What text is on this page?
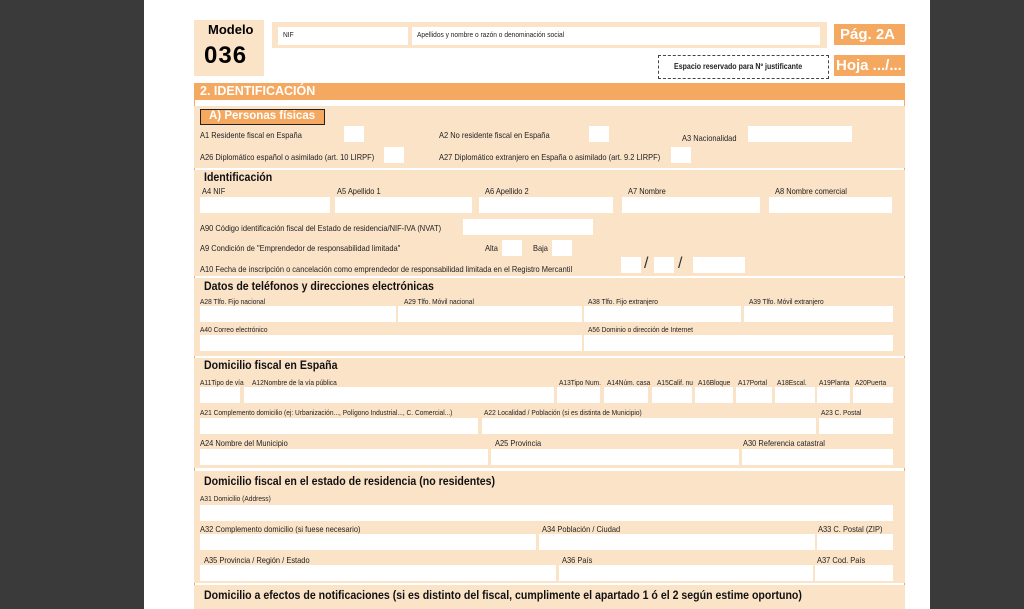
Modelo
036
NIF	Apellidos y nombre o razón o denominación social
Espacio reservado para Nº justificante
Pág. 2A
Hoja .../...
2. IDENTIFICACIÓN
A) Personas físicas
A1 Residente fiscal en España	A2 No residente fiscal en España	A3 Nacionalidad
A26 Diplomático español o asimilado (art. 10 LIRPF)	A27 Diplomático extranjero en España o asimilado (art. 9.2 LIRPF)
Identificación
A4 NIF	A5 Apellido 1	A6 Apellido 2	A7 Nombre	A8 Nombre comercial
A90 Código identificación fiscal del Estado de residencia/NIF-IVA (NVAT)
A9 Condición de "Emprendedor de responsabilidad limitada"	Alta	Baja
A10 Fecha de inscripción o cancelación como emprendedor de responsabilidad limitada en el Registro Mercantil	/ /
Datos de teléfonos y direcciones electrónicas
A28 Tlfo. Fijo nacional	A29 Tlfo. Móvil nacional	A38 Tlfo. Fijo extranjero	A39 Tlfo. Móvil extranjero
A40 Correo electrónico	A56 Dominio o dirección de Internet
Domicilio fiscal en España
A11Tipo de vía A12Nombre de la vía pública	A13Tipo Num. A14Núm. casa A15Calif. nu A16Bloque A17Portal A18Escal. A19Planta A20Puerta
A21 Complemento domicilio (ej: Urbanización..., Polígono Industrial..., C. Comercial...)	A22 Localidad / Población (si es distinta de Municipio)	A23 C. Postal
A24 Nombre del Municipio	A25 Provincia	A30 Referencia catastral
Domicilio fiscal en el estado de residencia (no residentes)
A31 Domicilio (Address)
A32 Complemento domicilio (si fuese necesario)	A34 Población / Ciudad	A33 C. Postal (ZIP)
A35 Provincia / Región / Estado	A36 País	A37 Cod. País
Domicilio a efectos de notificaciones (si es distinto del fiscal, cumplimente el apartado 1 ó el 2 según estime oportuno)
